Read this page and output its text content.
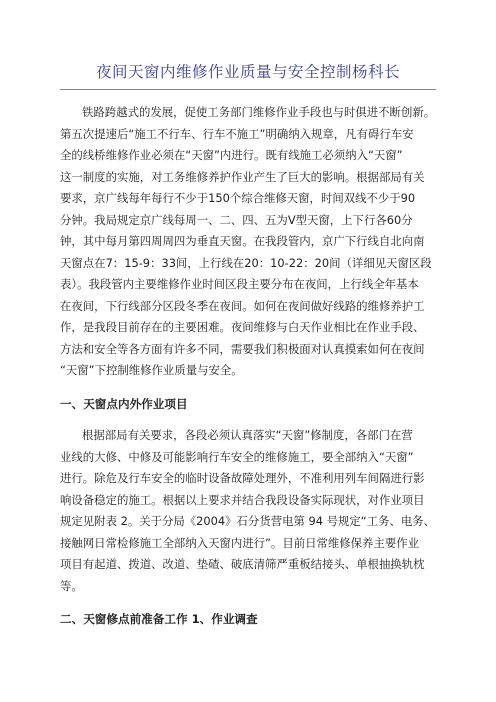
夜间天窗内维修作业质量与安全控制杨科长
铁路跨越式的发展，促使工务部门维修作业手段也与时俱进不断创新。
第五次提速后“施工不行车、行车不施工”明确纳入规章，凡有碍行车安
全的线桥维修作业必须在“天窗”内进行。既有线施工必须纳入“天窗”
这一制度的实施，对工务维修养护作业产生了巨大的影响。根据部局有关
要求，京广线每年每行不少于150个综合维修天窗，时间双线不少于90
分钟。我局规定京广线每周一、二、四、五为V型天窗，上下行各60分
钟，其中每月第四周周四为垂直天窗。在我段管内，京广下行线自北向南
天窗点在7：15-9：33间，上行线在20：10-22：20间（详细见天窗区段
表）。我段管内主要维修作业时间区段主要分布在夜间，上行线全年基本
在夜间，下行线部分区段冬季在夜间。如何在夜间做好线路的维修养护工
作，是我段目前存在的主要困难。夜间维修与白天作业相比在作业手段、
方法和安全等各方面有许多不同，需要我们积极面对认真摸索如何在夜间
“天窗”下控制维修作业质量与安全。
一、天窗点内外作业项目
根据部局有关要求，各段必须认真落实“天窗”修制度，各部门在营
业线的大修、中修及可能影响行车安全的维修施工，要全部纳入“天窗”
进行。除危及行车安全的临时设备故障处理外，不准利用列车间隔进行影
响设备稳定的施工。根据以上要求并结合我段设备实际现状，对作业项目
规定见附表 2。关于分局《2004》石分货营电第 94 号规定“工务、电务、
接触网日常检修施工全部纳入天窗内进行”。目前日常维修保养主要作业
项目有起道、拨道、改道、垫碴、破底清筛严重板结接头、单根抽换轨枕
等。
二、天窗修点前准备工作 1、作业调查
